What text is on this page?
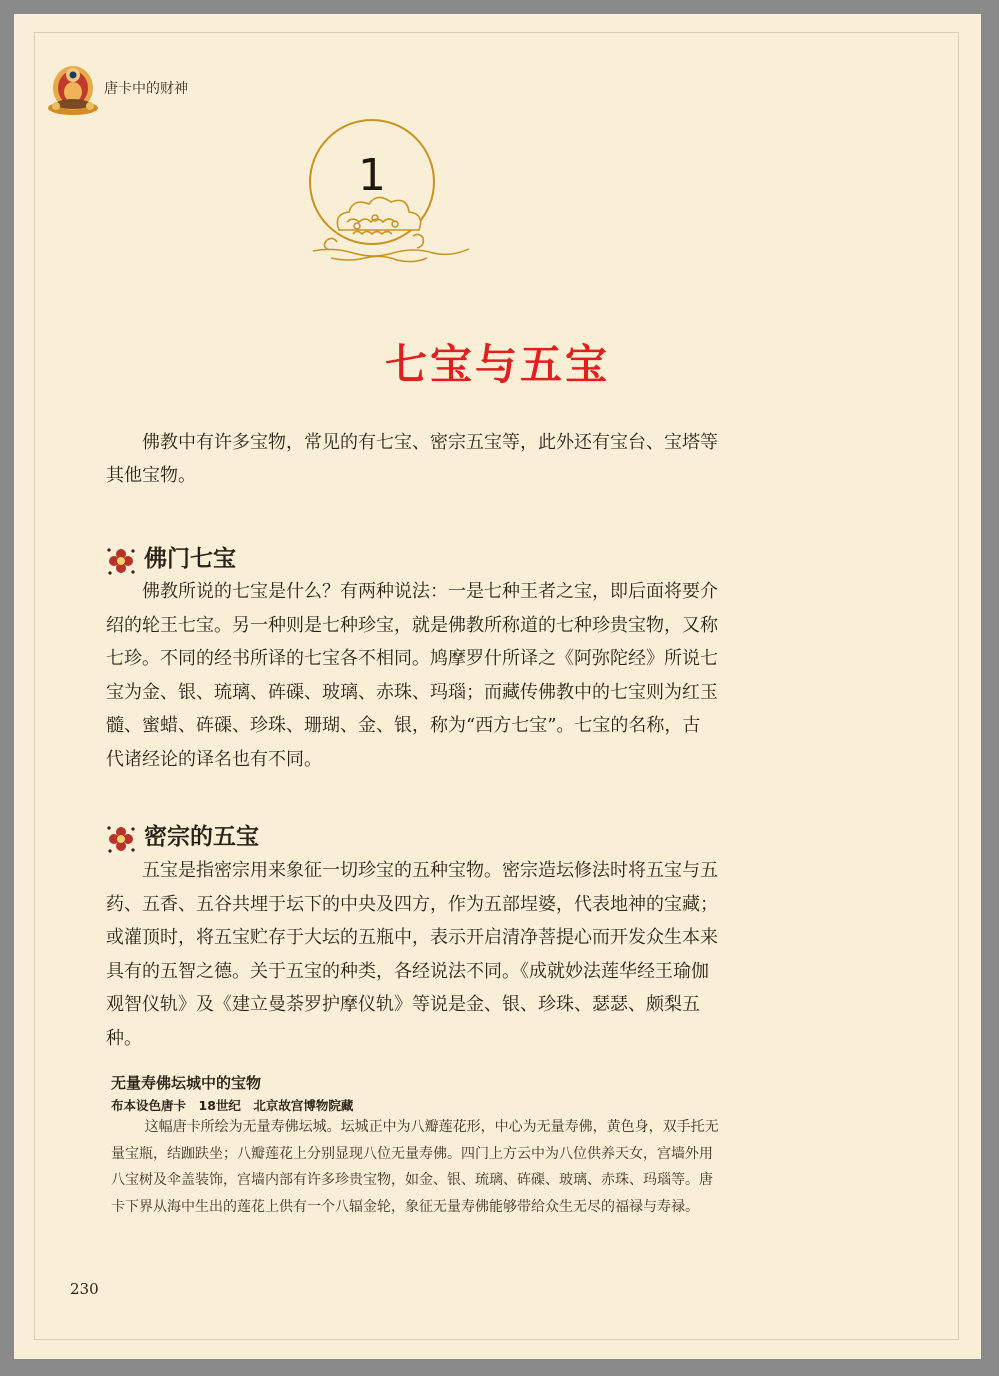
唐卡中的财神
1
七宝与五宝

佛教中有许多宝物，常见的有七宝、密宗五宝等，此外还有宝台、宝塔等其他宝物。

佛门七宝

佛教所说的七宝是什么？有两种说法：一是七种王者之宝，即后面将要介绍的轮王七宝。另一种则是七种珍宝，就是佛教所称道的七种珍贵宝物，又称七珍。不同的经书所译的七宝各不相同。鸠摩罗什所译之《阿弥陀经》所说七宝为金、银、琉璃、砗磲、玻璃、赤珠、玛瑙；而藏传佛教中的七宝则为红玉髓、蜜蜡、砗磲、珍珠、珊瑚、金、银，称为“西方七宝”。七宝的名称，古代诸经论的译名也有不同。

密宗的五宝

五宝是指密宗用来象征一切珍宝的五种宝物。密宗造坛修法时将五宝与五药、五香、五谷共埋于坛下的中央及四方，作为五部埕婆，代表地神的宝藏；或灌顶时，将五宝贮存于大坛的五瓶中，表示开启清净菩提心而开发众生本来具有的五智之德。关于五宝的种类，各经说法不同。《成就妙法莲华经王瑜伽观智仪轨》及《建立曼荼罗护摩仪轨》等说是金、银、珍珠、瑟瑟、颇梨五种。

无量寿佛坛城中的宝物
布本设色唐卡　18世纪　北京故宫博物院藏

这幅唐卡所绘为无量寿佛坛城。坛城正中为八瓣莲花形，中心为无量寿佛，黄色身，双手托无量宝瓶，结跏趺坐；八瓣莲花上分别显现八位无量寿佛。四门上方云中为八位供养天女，宫墙外用八宝树及伞盖装饰，宫墙内部有许多珍贵宝物，如金、银、琉璃、砗磲、玻璃、赤珠、玛瑙等。唐卡下界从海中生出的莲花上供有一个八辐金轮，象征无量寿佛能够带给众生无尽的福禄与寿禄。

230
